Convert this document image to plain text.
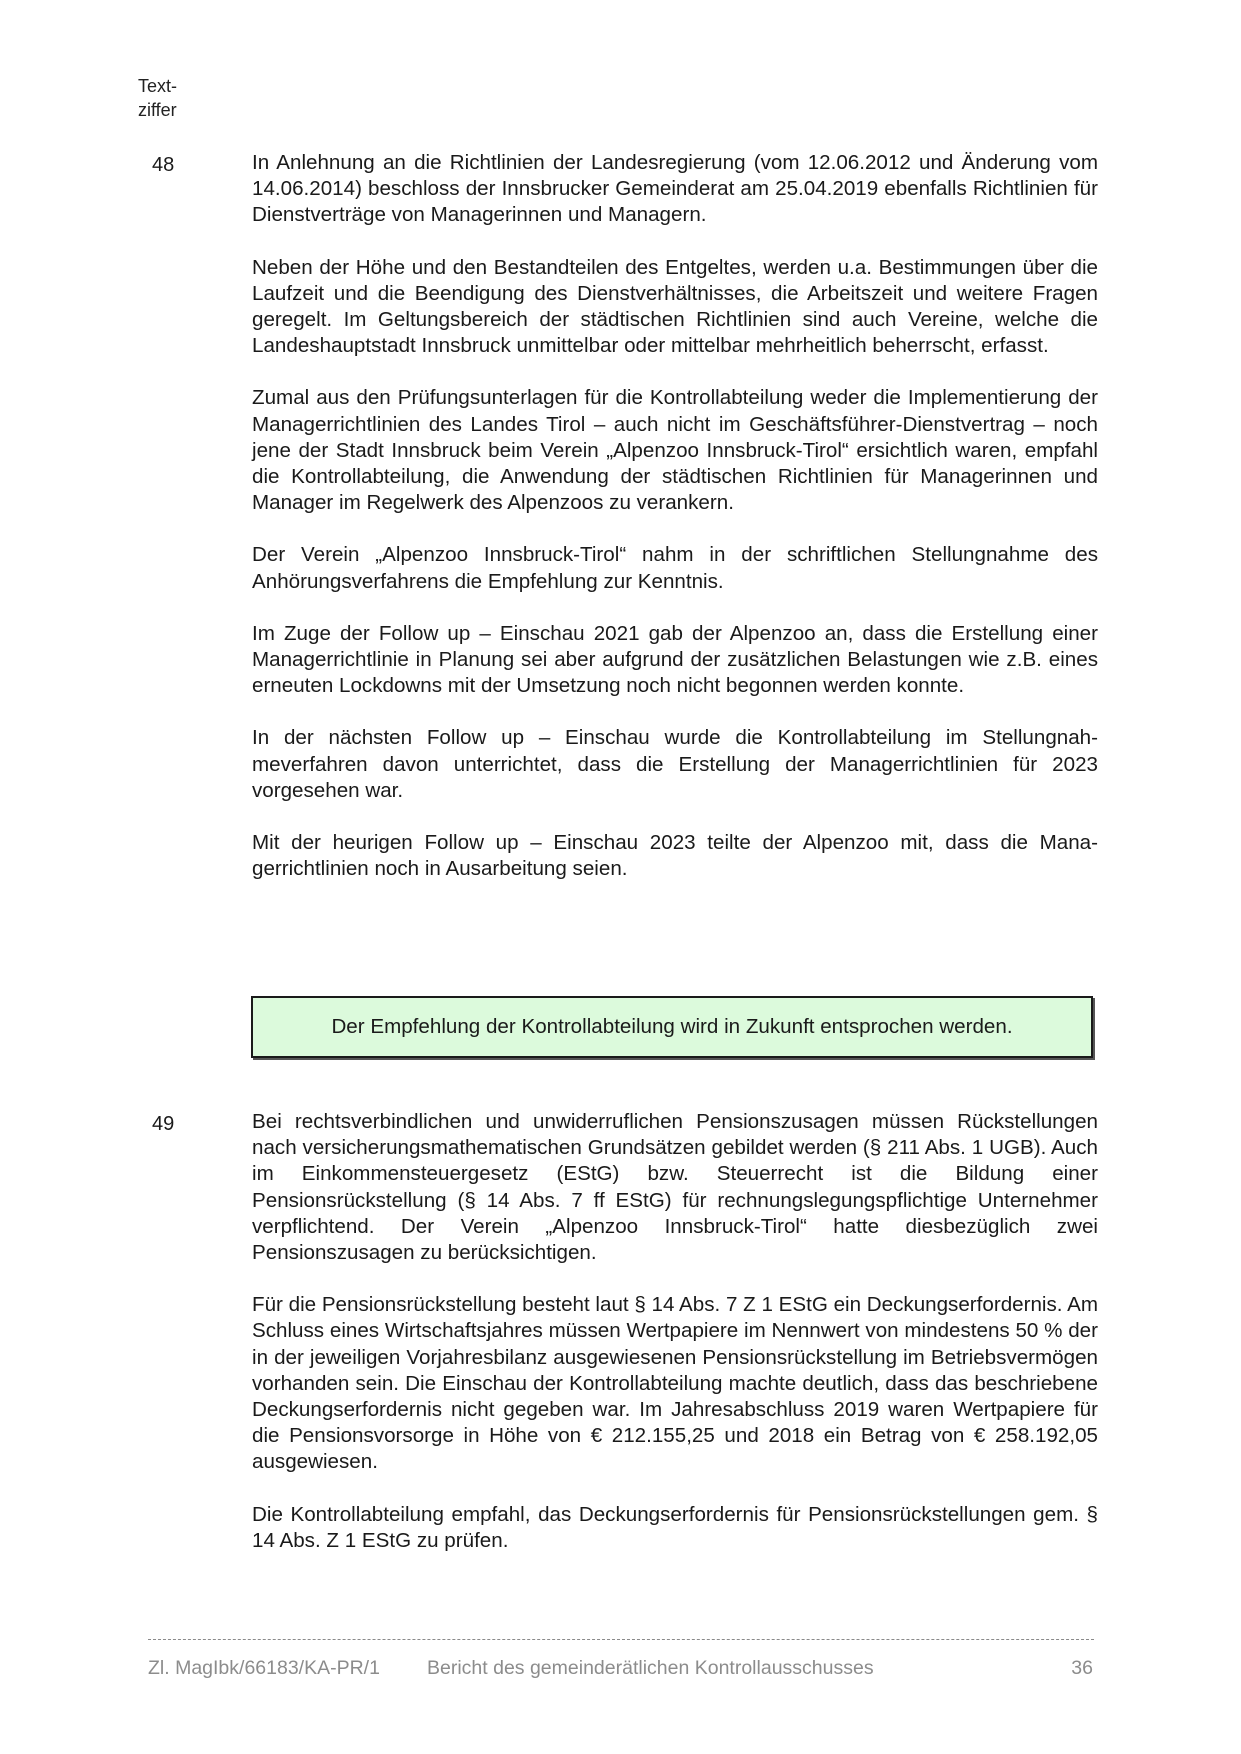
Text-
ziffer
48	In Anlehnung an die Richtlinien der Landesregierung (vom 12.06.2012 und Änderung vom 14.06.2014) beschloss der Innsbrucker Gemeinderat am 25.04.2019 ebenfalls Richtlinien für Dienstverträge von Managerinnen und Managern.

Neben der Höhe und den Bestandteilen des Entgeltes, werden u.a. Bestimmungen über die Laufzeit und die Beendigung des Dienstverhältnisses, die Arbeitszeit und weitere Fragen geregelt. Im Geltungsbereich der städtischen Richtlinien sind auch Vereine, welche die Landeshauptstadt Innsbruck unmittelbar oder mittelbar mehrheitlich beherrscht, erfasst.

Zumal aus den Prüfungsunterlagen für die Kontrollabteilung weder die Implementierung der Managerrichtlinien des Landes Tirol – auch nicht im Geschäftsführer-Dienstvertrag – noch jene der Stadt Innsbruck beim Verein „Alpenzoo Innsbruck-Tirol“ ersichtlich waren, empfahl die Kontrollabteilung, die Anwendung der städtischen Richtlinien für Managerinnen und Manager im Regelwerk des Alpenzoos zu verankern.

Der Verein „Alpenzoo Innsbruck-Tirol“ nahm in der schriftlichen Stellungnahme des Anhörungsverfahrens die Empfehlung zur Kenntnis.

Im Zuge der Follow up – Einschau 2021 gab der Alpenzoo an, dass die Erstellung einer Managerrichtlinie in Planung sei aber aufgrund der zusätzlichen Belastungen wie z.B. eines erneuten Lockdowns mit der Umsetzung noch nicht begonnen werden konnte.

In der nächsten Follow up – Einschau wurde die Kontrollabteilung im Stellungnahmeverfahren davon unterrichtet, dass die Erstellung der Managerrichtlinien für 2023 vorgesehen war.

Mit der heurigen Follow up – Einschau 2023 teilte der Alpenzoo mit, dass die Managerrichtlinien noch in Ausarbeitung seien.

Der Empfehlung der Kontrollabteilung wird in Zukunft entsprochen werden.
49	Bei rechtsverbindlichen und unwiderruflichen Pensionszusagen müssen Rückstellungen nach versicherungsmathematischen Grundsätzen gebildet werden (§ 211 Abs. 1 UGB). Auch im Einkommensteuergesetz (EStG) bzw. Steuerrecht ist die Bildung einer Pensionsrückstellung (§ 14 Abs. 7 ff EStG) für rechnungslegungspflichtige Unternehmer verpflichtend. Der Verein „Alpenzoo Innsbruck-Tirol“ hatte diesbezüglich zwei Pensionszusagen zu berücksichtigen.

Für die Pensionsrückstellung besteht laut § 14 Abs. 7 Z 1 EStG ein Deckungserfordernis. Am Schluss eines Wirtschaftsjahres müssen Wertpapiere im Nennwert von mindestens 50 % der in der jeweiligen Vorjahresbilanz ausgewiesenen Pensionsrückstellung im Betriebsvermögen vorhanden sein. Die Einschau der Kontrollabteilung machte deutlich, dass das beschriebene Deckungserfordernis nicht gegeben war. Im Jahresabschluss 2019 waren Wertpapiere für die Pensionsvorsorge in Höhe von € 212.155,25 und 2018 ein Betrag von € 258.192,05 ausgewiesen.

Die Kontrollabteilung empfahl, das Deckungserfordernis für Pensionsrückstellungen gem. § 14 Abs. Z 1 EStG zu prüfen.

Zl. MagIbk/66183/KA-PR/1 Bericht des gemeinderätlichen Kontrollausschusses	36
